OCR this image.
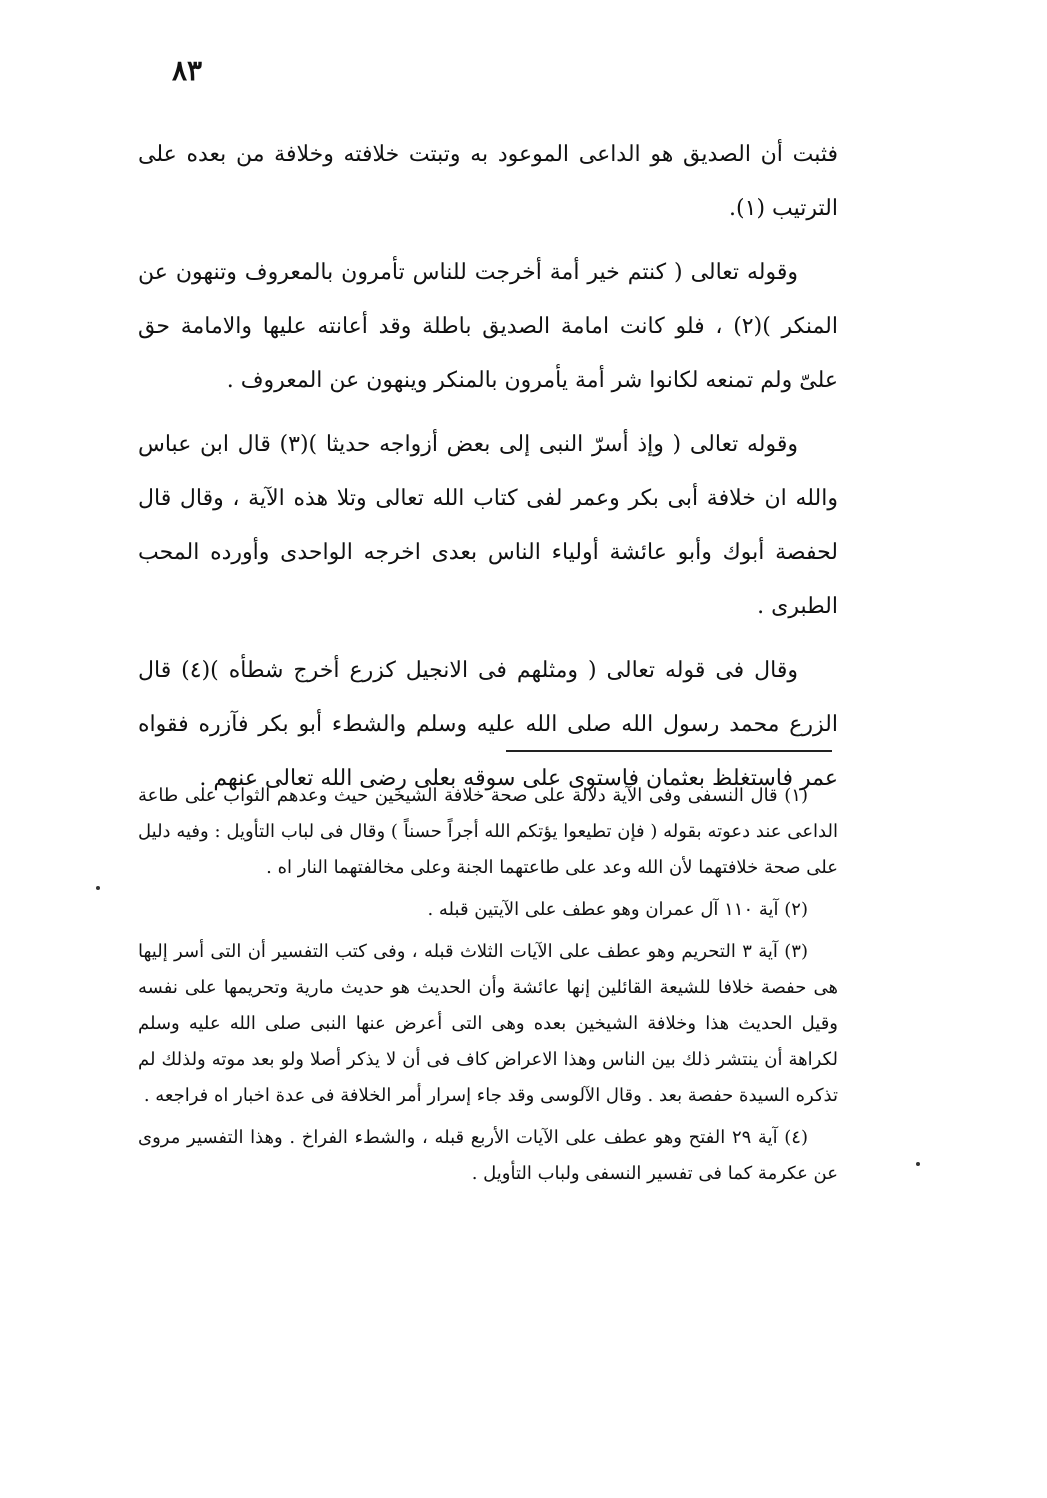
٨٣

فثبت أن الصديق هو الداعى الموعود به وتبتت خلافته وخلافة من بعده على الترتيب (١).

وقوله تعالى ( كنتم خير أمة أخرجت للناس تأمرون بالمعروف وتنهون عن المنكر )(٢) ، فلو كانت امامة الصديق باطلة وقد أعانته عليها والامامة حق علىّ ولم تمنعه لكانوا شر أمة يأمرون بالمنكر وينهون عن المعروف .

وقوله تعالى ( وإذ أسرّ النبى إلى بعض أزواجه حديثا )(٣) قال ابن عباس والله ان خلافة أبى بكر وعمر لفى كتاب الله تعالى وتلا هذه الآية ، وقال قال لحفصة أبوك وأبو عائشة أولياء الناس بعدى اخرجه الواحدى وأورده المحب الطبرى .

وقال فى قوله تعالى ( ومثلهم فى الانجيل كزرع أخرج شطأه )(٤) قال الزرع محمد رسول الله صلى الله عليه وسلم والشطء أبو بكر فآزره فقواه عمر فاستغلظ بعثمان فاستوى على سوقه بعلى رضى الله تعالى عنهم .

(١) قال النسفى وفى الآية دلالة على صحة خلافة الشيخين حيث وعدهم الثواب على طاعة الداعى عند دعوته بقوله ( فإن تطيعوا يؤتكم الله أجراً حسناً ) وقال فى لباب التأويل : وفيه دليل على صحة خلافتهما لأن الله وعد على طاعتهما الجنة وعلى مخالفتهما النار اه .

(٢) آية ١١٠ آل عمران وهو عطف على الآيتين قبله .

(٣) آية ٣ التحريم وهو عطف على الآيات الثلاث قبله ، وفى كتب التفسير أن التى أسر إليها هى حفصة خلافا للشيعة القائلين إنها عائشة وأن الحديث هو حديث مارية وتحريمها على نفسه وقيل الحديث هذا وخلافة الشيخين بعده وهى التى أعرض عنها النبى صلى الله عليه وسلم لكراهة أن ينتشر ذلك بين الناس وهذا الاعراض كاف فى أن لا يذكر أصلا ولو بعد موته ولذلك لم تذكره السيدة حفصة بعد . وقال الآلوسى وقد جاء إسرار أمر الخلافة فى عدة اخبار اه فراجعه .

(٤) آية ٢٩ الفتح وهو عطف على الآيات الأربع قبله ، والشطء الفراخ . وهذا التفسير مروى عن عكرمة كما فى تفسير النسفى ولباب التأويل .
